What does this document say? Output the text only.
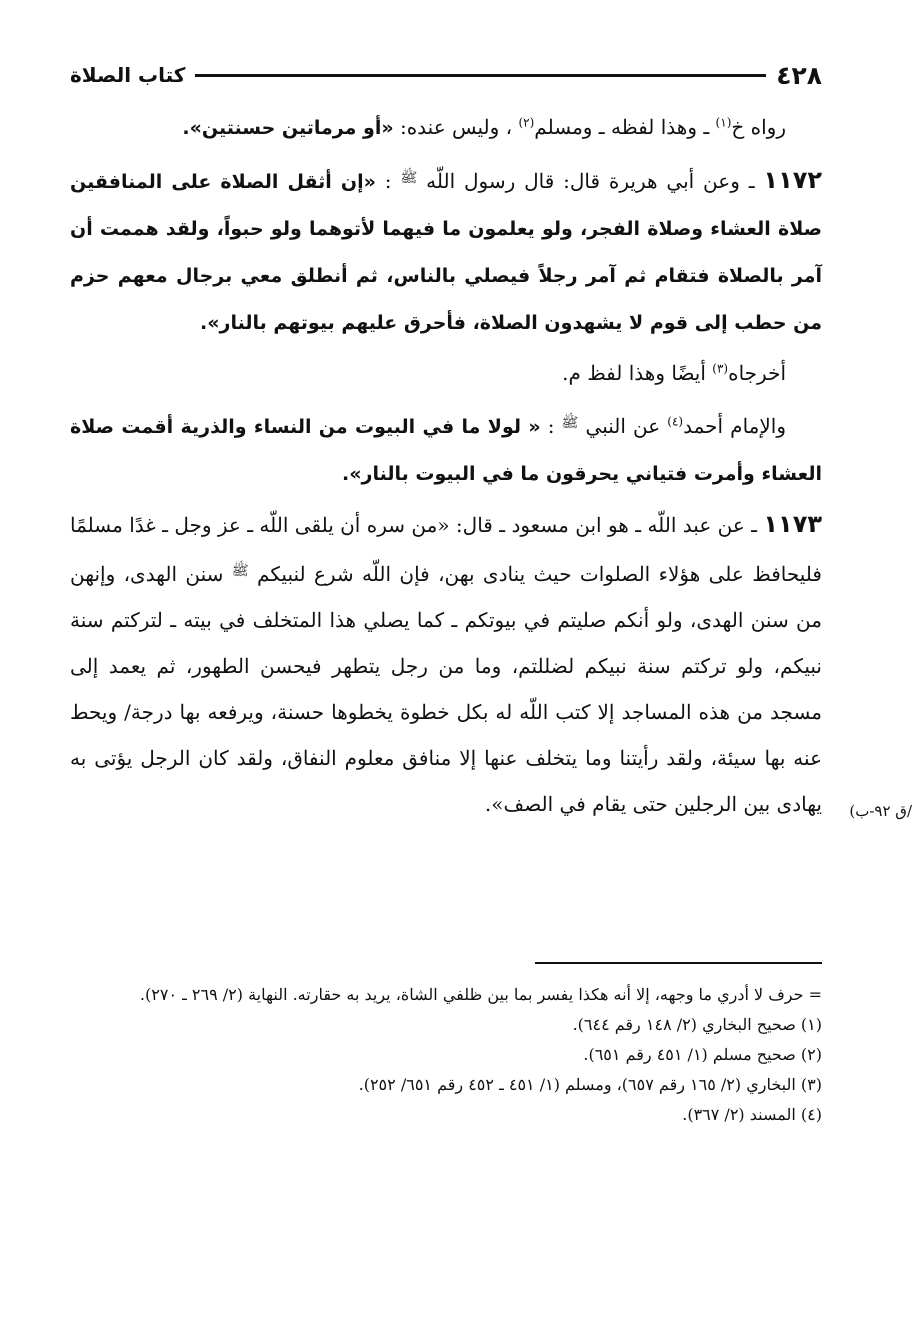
٤٢٨
كتاب الصلاة

رواه خ$^{(١)}$ ـ وهذا لفظه ـ ومسلم$^{(٢)}$ ، وليس عنده: «أو مرماتين حسنتين».

١١٧٢ ـ وعن أبي هريرة قال: قال رسول اللّه $^ﷺ$ : «إن أثقل الصلاة على المنافقين صلاة العشاء وصلاة الفجر، ولو يعلمون ما فيهما لأتوهما ولو حبواً، ولقد هممت أن آمر بالصلاة فتقام ثم آمر رجلاً فيصلي بالناس، ثم أنطلق معي برجال معهم حزم من حطب إلى قوم لا يشهدون الصلاة، فأحرق عليهم بيوتهم بالنار».

أخرجاه$^{(٣)}$ أيضًا وهذا لفظ م.

والإمام أحمد$^{(٤)}$ عن النبي $^ﷺ$ : « لولا ما في البيوت من النساء والذرية أقمت صلاة العشاء وأمرت فتياني يحرقون ما في البيوت بالنار».

١١٧٣ ـ عن عبد اللّه ـ هو ابن مسعود ـ قال: «من سره أن يلقى اللّه ـ عز وجل ـ غدًا مسلمًا فليحافظ على هؤلاء الصلوات حيث ينادى بهن، فإن اللّه شرع لنبيكم $^ﷺ$ سنن الهدى، وإنهن من سنن الهدى، ولو أنكم صليتم في بيوتكم ـ كما يصلي هذا المتخلف في بيته ـ لتركتم سنة نبيكم، ولو تركتم سنة نبيكم لضللتم، وما من رجل يتطهر فيحسن الطهور، ثم يعمد إلى مسجد من هذه المساجد إلا كتب اللّه له بكل خطوة يخطوها حسنة، ويرفعه بها درجة/ ويحط عنه بها سيئة، ولقد رأيتنا وما يتخلف عنها إلا منافق معلوم النفاق، ولقد كان الرجل يؤتى به يهادى بين الرجلين حتى يقام في الصف».	/ق ٩٢-ب)

= حرف لا أدري ما وجهه، إلا أنه هكذا يفسر بما بين ظلفي الشاة، يريد به حقارته. النهاية (٢/ ٢٦٩ ـ ٢٧٠).

(١) صحيح البخاري (٢/ ١٤٨ رقم ٦٤٤).

(٢) صحيح مسلم (١/ ٤٥١ رقم ٦٥١).

(٣) البخاري (٢/ ١٦٥ رقم ٦٥٧)، ومسلم (١/ ٤٥١ ـ ٤٥٢ رقم ٦٥١/ ٢٥٢).

(٤) المسند (٢/ ٣٦٧).
